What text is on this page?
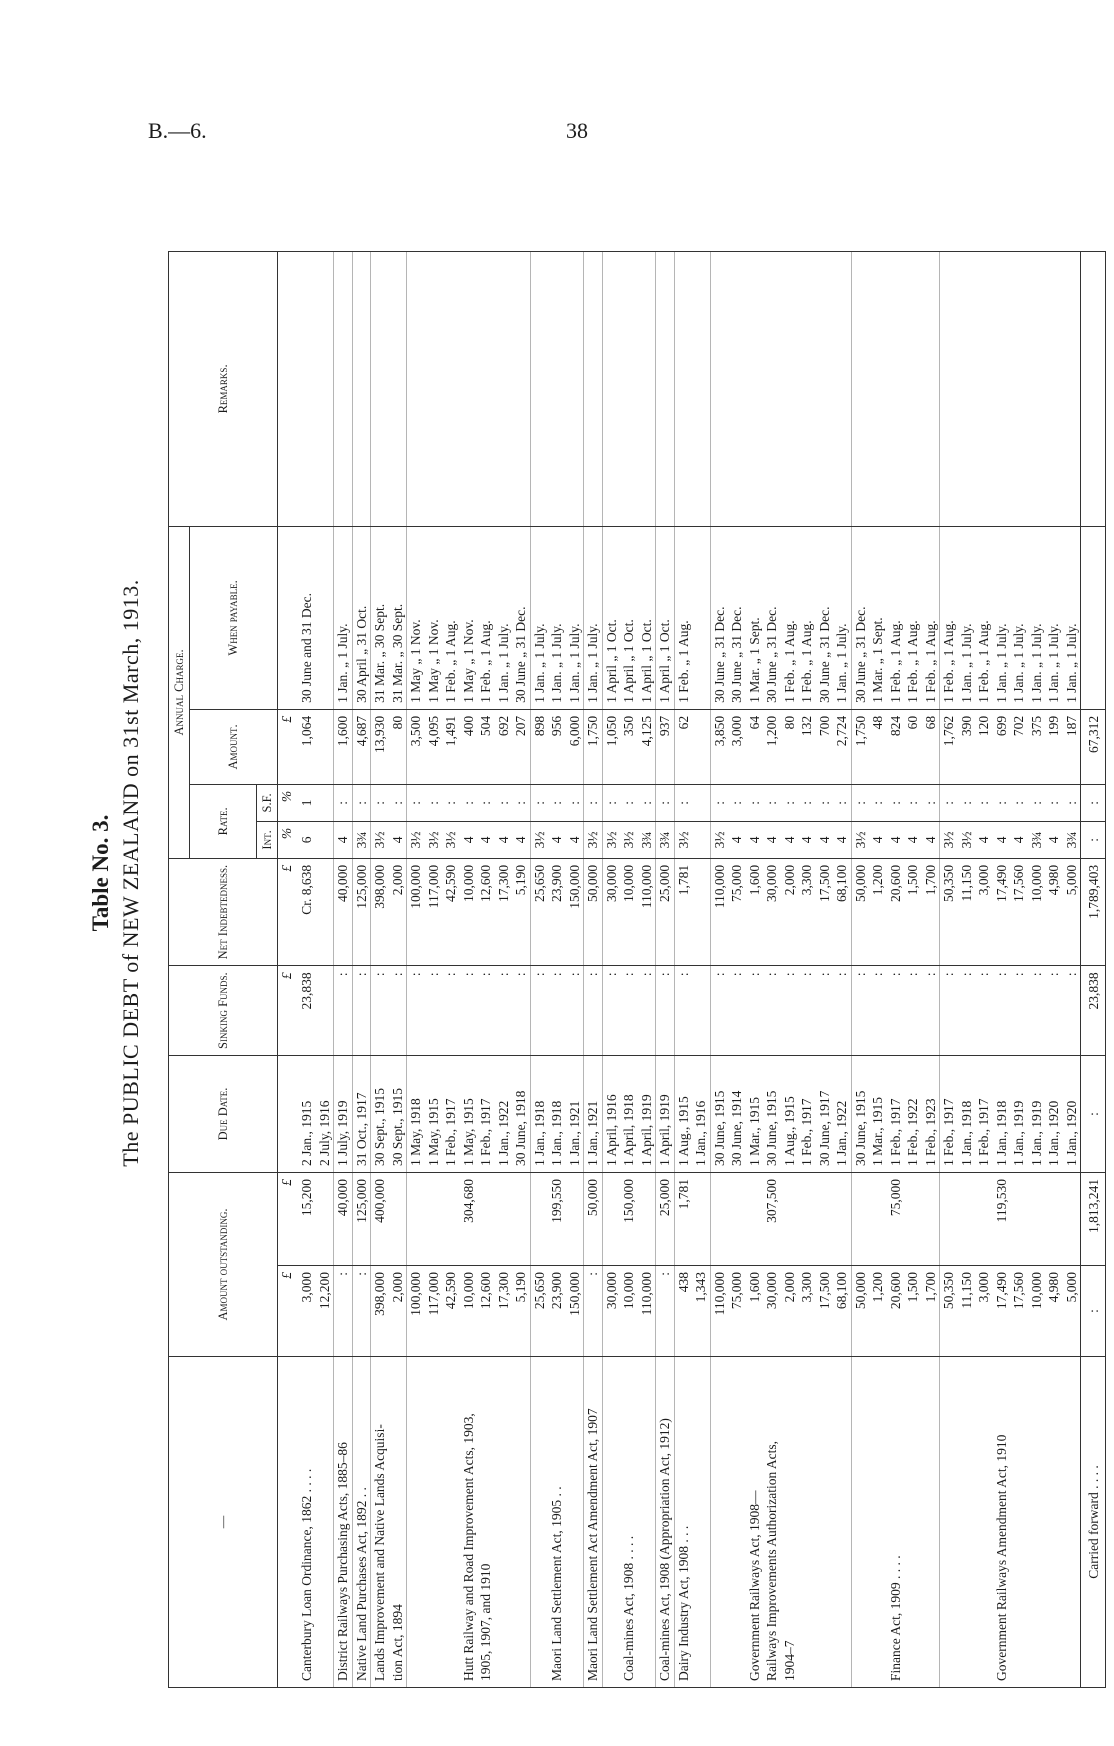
B.—6.	38
Table No. 3. The PUBLIC DEBT of NEW ZEALAND on 31st March, 1913.
—	Amount outstanding.		Due Date.	Sinking Funds.	Net Indebtedness.	Annual Charge.				Remarks.
						Rate.		Amount.	When payable.	
						Int.	S.F.			
	£	£		£	£	%	%	£		
Canterbury Loan Ordinance, 1862 . . . .	3,000	15,200	2 Jan., 1915	23,838	Cr. 8,638	6	1	1,064	30 June and 31 Dec.	
	12,200		2 July, 1916							
District Railways Purchasing Acts, 1885–86	:	40,000	1 July, 1919	:	40,000	4	:	1,600	1 Jan. „ 1 July.	
Native Land Purchases Act, 1892 . .	:	125,000	31 Oct., 1917	:	125,000	3¾	:	4,687	30 April „ 31 Oct.	
Lands Improvement and Native Lands Acquisi-	398,000	400,000	30 Sept., 1915	:	398,000	3½	:	13,930	31 Mar. „ 30 Sept.	
tion Act, 1894	2,000		30 Sept., 1915	:	2,000	4	:	80	31 Mar. „ 30 Sept.	
	100,000		1 May, 1918	:	100,000	3½	:	3,500	1 May „ 1 Nov.	
	117,000		1 May, 1915	:	117,000	3½	:	4,095	1 May „ 1 Nov.	
	42,590		1 Feb., 1917	:	42,590	3½	:	1,491	1 Feb. „ 1 Aug.	
Hutt Railway and Road Improvement Acts, 1903,	10,000	304,680	1 May, 1915	:	10,000	4	:	400	1 May „ 1 Nov.	
1905, 1907, and 1910	12,600		1 Feb., 1917	:	12,600	4	:	504	1 Feb. „ 1 Aug.	
	17,300		1 Jan., 1922	:	17,300	4	:	692	1 Jan. „ 1 July.	
	5,190		30 June, 1918	:	5,190	4	:	207	30 June „ 31 Dec.	
	25,650		1 Jan., 1918	:	25,650	3½	:	898	1 Jan. „ 1 July.	
Maori Land Settlement Act, 1905 . .	23,900	199,550	1 Jan., 1918	:	23,900	4	:	956	1 Jan. „ 1 July.	
	150,000		1 Jan., 1921	:	150,000	4	:	6,000	1 Jan. „ 1 July.	
Maori Land Settlement Act Amendment Act, 1907	:	50,000	1 Jan., 1921	:	50,000	3½	:	1,750	1 Jan. „ 1 July.	
	30,000		1 April, 1916	:	30,000	3½	:	1,050	1 April „ 1 Oct.	
Coal-mines Act, 1908 . . . .	10,000	150,000	1 April, 1918	:	10,000	3½	:	350	1 April „ 1 Oct.	
	110,000		1 April, 1919	:	110,000	3¾	:	4,125	1 April „ 1 Oct.	
Coal-mines Act, 1908 (Appropriation Act, 1912)	:	25,000	1 April, 1919	:	25,000	3¾	:	937	1 April „ 1 Oct.	
Dairy Industry Act, 1908 . . .	438	1,781	1 Aug., 1915	:	1,781	3½	:	62	1 Feb. „ 1 Aug.	
	1,343		1 Jan., 1916							
	110,000		30 June, 1915	:	110,000	3½	:	3,850	30 June „ 31 Dec.	
	75,000		30 June, 1914	:	75,000	4	:	3,000	30 June „ 31 Dec.	
Government Railways Act, 1908—	1,600		1 Mar., 1915	:	1,600	4	:	64	1 Mar. „ 1 Sept.	
Railways Improvements Authorization Acts,	30,000	307,500	30 June, 1915	:	30,000	4	:	1,200	30 June „ 31 Dec.	
1904–7	2,000		1 Aug., 1915	:	2,000	4	:	80	1 Feb. „ 1 Aug.	
	3,300		1 Feb., 1917	:	3,300	4	:	132	1 Feb. „ 1 Aug.	
	17,500		30 June, 1917	:	17,500	4	:	700	30 June „ 31 Dec.	
	68,100		1 Jan., 1922	:	68,100	4	:	2,724	1 Jan. „ 1 July.	
	50,000		30 June, 1915	:	50,000	3½	:	1,750	30 June „ 31 Dec.	
	1,200		1 Mar., 1915	:	1,200	4	:	48	1 Mar. „ 1 Sept.	
Finance Act, 1909 . . . .	20,600	75,000	1 Feb., 1917	:	20,600	4	:	824	1 Feb. „ 1 Aug.	
	1,500		1 Feb., 1922	:	1,500	4	:	60	1 Feb. „ 1 Aug.	
	1,700		1 Feb., 1923	:	1,700	4	:	68	1 Feb. „ 1 Aug.	
	50,350		1 Feb., 1917	:	50,350	3½	:	1,762	1 Feb. „ 1 Aug.	
	11,150		1 Jan., 1918	:	11,150	3½	:	390	1 Jan. „ 1 July.	
	3,000		1 Feb., 1917	:	3,000	4	:	120	1 Feb. „ 1 Aug.	
Government Railways Amendment Act, 1910	17,490	119,530	1 Jan., 1918	:	17,490	4	:	699	1 Jan. „ 1 July.	
	17,560		1 Jan., 1919	:	17,560	4	:	702	1 Jan. „ 1 July.	
	10,000		1 Jan., 1919	:	10,000	3¾	:	375	1 Jan. „ 1 July.	
	4,980		1 Jan., 1920	:	4,980	4	:	199	1 Jan. „ 1 July.	
	5,000		1 Jan., 1920	:	5,000	3¾	:	187	1 Jan. „ 1 July.	
Carried forward . . . .	:	1,813,241	:	23,838	1,789,403	:	:	67,312		
